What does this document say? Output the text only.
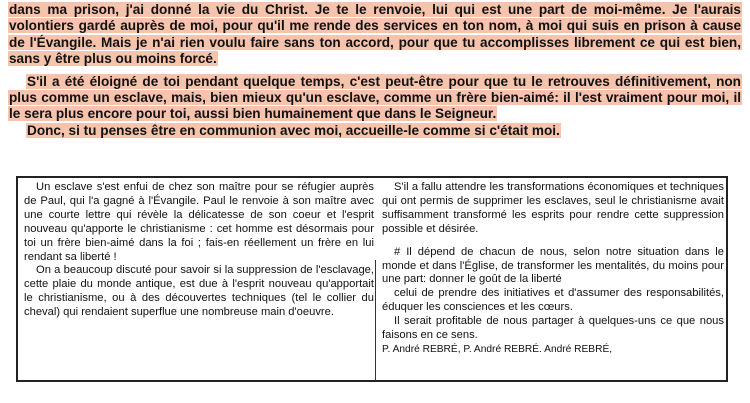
dans ma prison, j'ai donné la vie du Christ. Je te le renvoie, lui qui est une part de moi-même. Je l'aurais volontiers gardé auprès de moi, pour qu'il me rende des services en ton nom, à moi qui suis en prison à cause de l'Évangile. Mais je n'ai rien voulu faire sans ton accord, pour que tu accomplisses librement ce qui est bien, sans y être plus ou moins forcé.

S'il a été éloigné de toi pendant quelque temps, c'est peut-être pour que tu le retrouves définitivement, non plus comme un esclave, mais, bien mieux qu'un esclave, comme un frère bien-aimé: il l'est vraiment pour moi, il le sera plus encore pour toi, aussi bien humainement que dans le Seigneur.

Donc, si tu penses être en communion avec moi, accueille-le comme si c'était moi.

Un esclave s'est enfui de chez son maître pour se réfugier auprès de Paul, qui l'a gagné à l'Évangile. Paul le renvoie à son maître avec une courte lettre qui révèle la délicatesse de son coeur et l'esprit nouveau qu'apporte le christianisme : cet homme est désormais pour toi un frère bien-aimé dans la foi ; fais-en réellement un frère en lui rendant sa liberté !

On a beaucoup discuté pour savoir si la suppression de l'esclavage, cette plaie du monde antique, est due à l'esprit nouveau qu'apportait le christianisme, ou à des découvertes techniques (tel le collier du cheval) qui rendaient superflue une nombreuse main d'oeuvre.

S'il a fallu attendre les transformations économiques et techniques qui ont permis de supprimer les esclaves, seul le christianisme avait suffisamment transformé les esprits pour rendre cette suppression possible et désirée.

# Il dépend de chacun de nous, selon notre situation dans le monde et dans l'Église, de transformer les mentalités, du moins pour une part: donner le goût de la liberté

celui de prendre des initiatives et d'assumer des responsabilités, éduquer les consciences et les cœurs.

Il serait profitable de nous partager à quelques-uns ce que nous faisons en ce sens.

P. André REBRÉ, P. André REBRÉ. André REBRÉ,
